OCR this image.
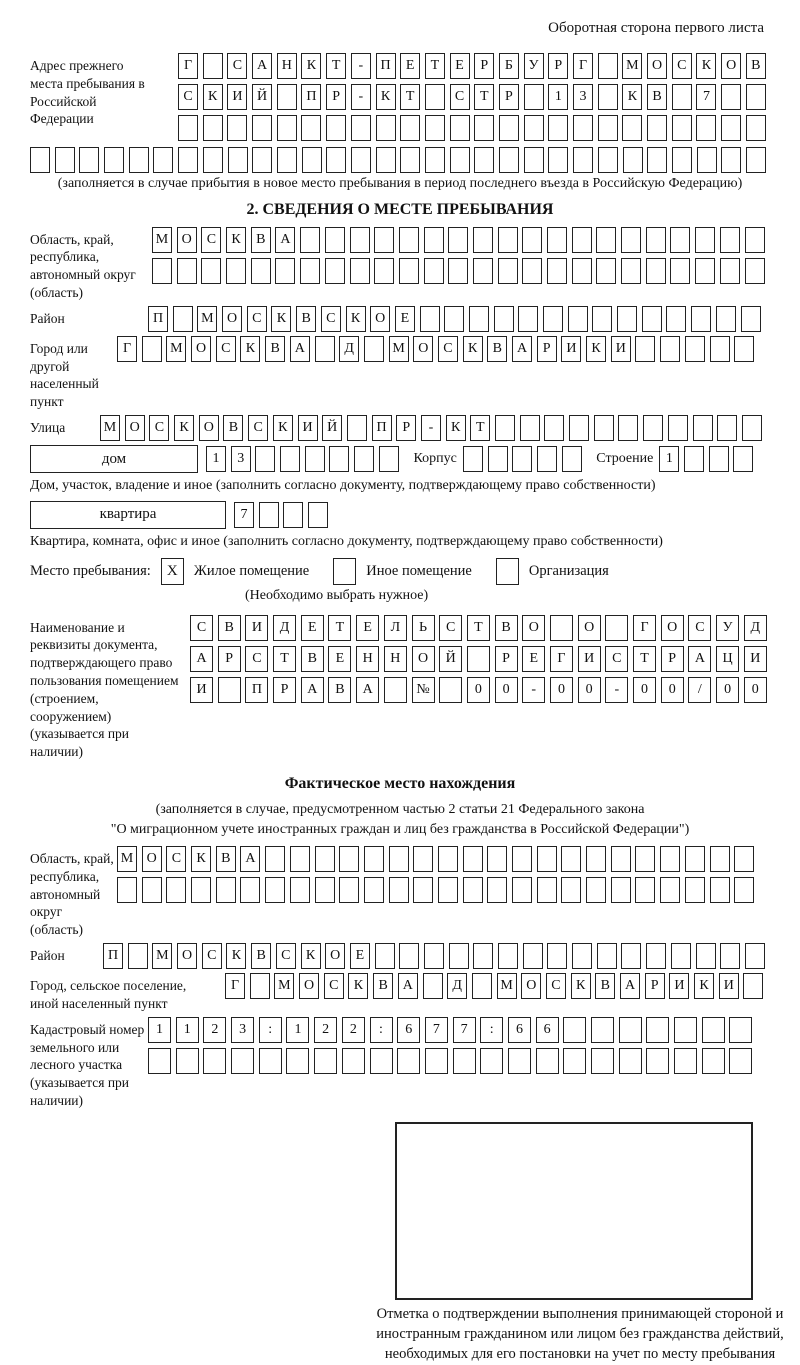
Оборотная сторона первого листа
Адрес прежнего места пребывания в Российской Федерации
Г	С	А	Н	К	Т	-	П	Е	Т	Е	Р	Б	У	Р	Г	М О	С	К	О	В
С	К	И	Й	П	Р	-	К	Т	С	Т	Р	1	3	К	В	7
(заполняется в случае прибытия в новое место пребывания в период последнего въезда в Российскую Федерацию)
2. СВЕДЕНИЯ О МЕСТЕ ПРЕБЫВАНИЯ
Область, край, республика, автономный округ (область)
М О	С	К	В	А
Район	П	М О	С	К	В	С	К	О	Е
Город или другой населенный пункт
Г	М О	С	К	В	А	Д	М О	С	К	В	А	Р	И	К	И
Улица	М О	С	К	О	В	С	К	И	Й	П	Р	-	К	Т
дом	1	3	Корпус	Строение 1
Дом, участок, владение и иное (заполнить согласно документу, подтверждающему право собственности)
квартира	7
Квартира, комната, офис и иное (заполнить согласно документу, подтверждающему право собственности)
Место пребывания:	X	Жилое помещение	Иное помещение	Организация
(Необходимо выбрать нужное)
Наименование и реквизиты документа, подтверждающего право пользования помещением (строением, сооружением) (указывается при наличии)
С	В	И	Д	Е	Т	Е	Л	Ь	С	Т	В	О	О	Г	О	С	У	Д
А	Р	С	Т	В	Е	Н	Н	О	Й	Р	Е	Г	И	С	Т	Р	А	Ц	И
И	П	Р	А	В	А	№	0	0	-	0	0	-	0	0	/	0	0
Фактическое место нахождения
(заполняется в случае, предусмотренном частью 2 статьи 21 Федерального закона
"О миграционном учете иностранных граждан и лиц без гражданства в Российской Федерации")
Область, край, республика, автономный округ (область)
М О	С	К	В	А
Район	П	М О	С	К	В	С	К	О	Е
Город, сельское поселение, иной населенный пункт
Г	М О	С	К	В	А	Д	М О	С	К	В	А	Р	И	К	И
Кадастровый номер земельного или лесного участка (указывается при наличии)
1	1	2	3	:	1	2	2	:	6	7	7	:	6	6
Отметка о подтверждении выполнения принимающей стороной и иностранным гражданином или лицом без гражданства действий, необходимых для его постановки на учет по месту пребывания
